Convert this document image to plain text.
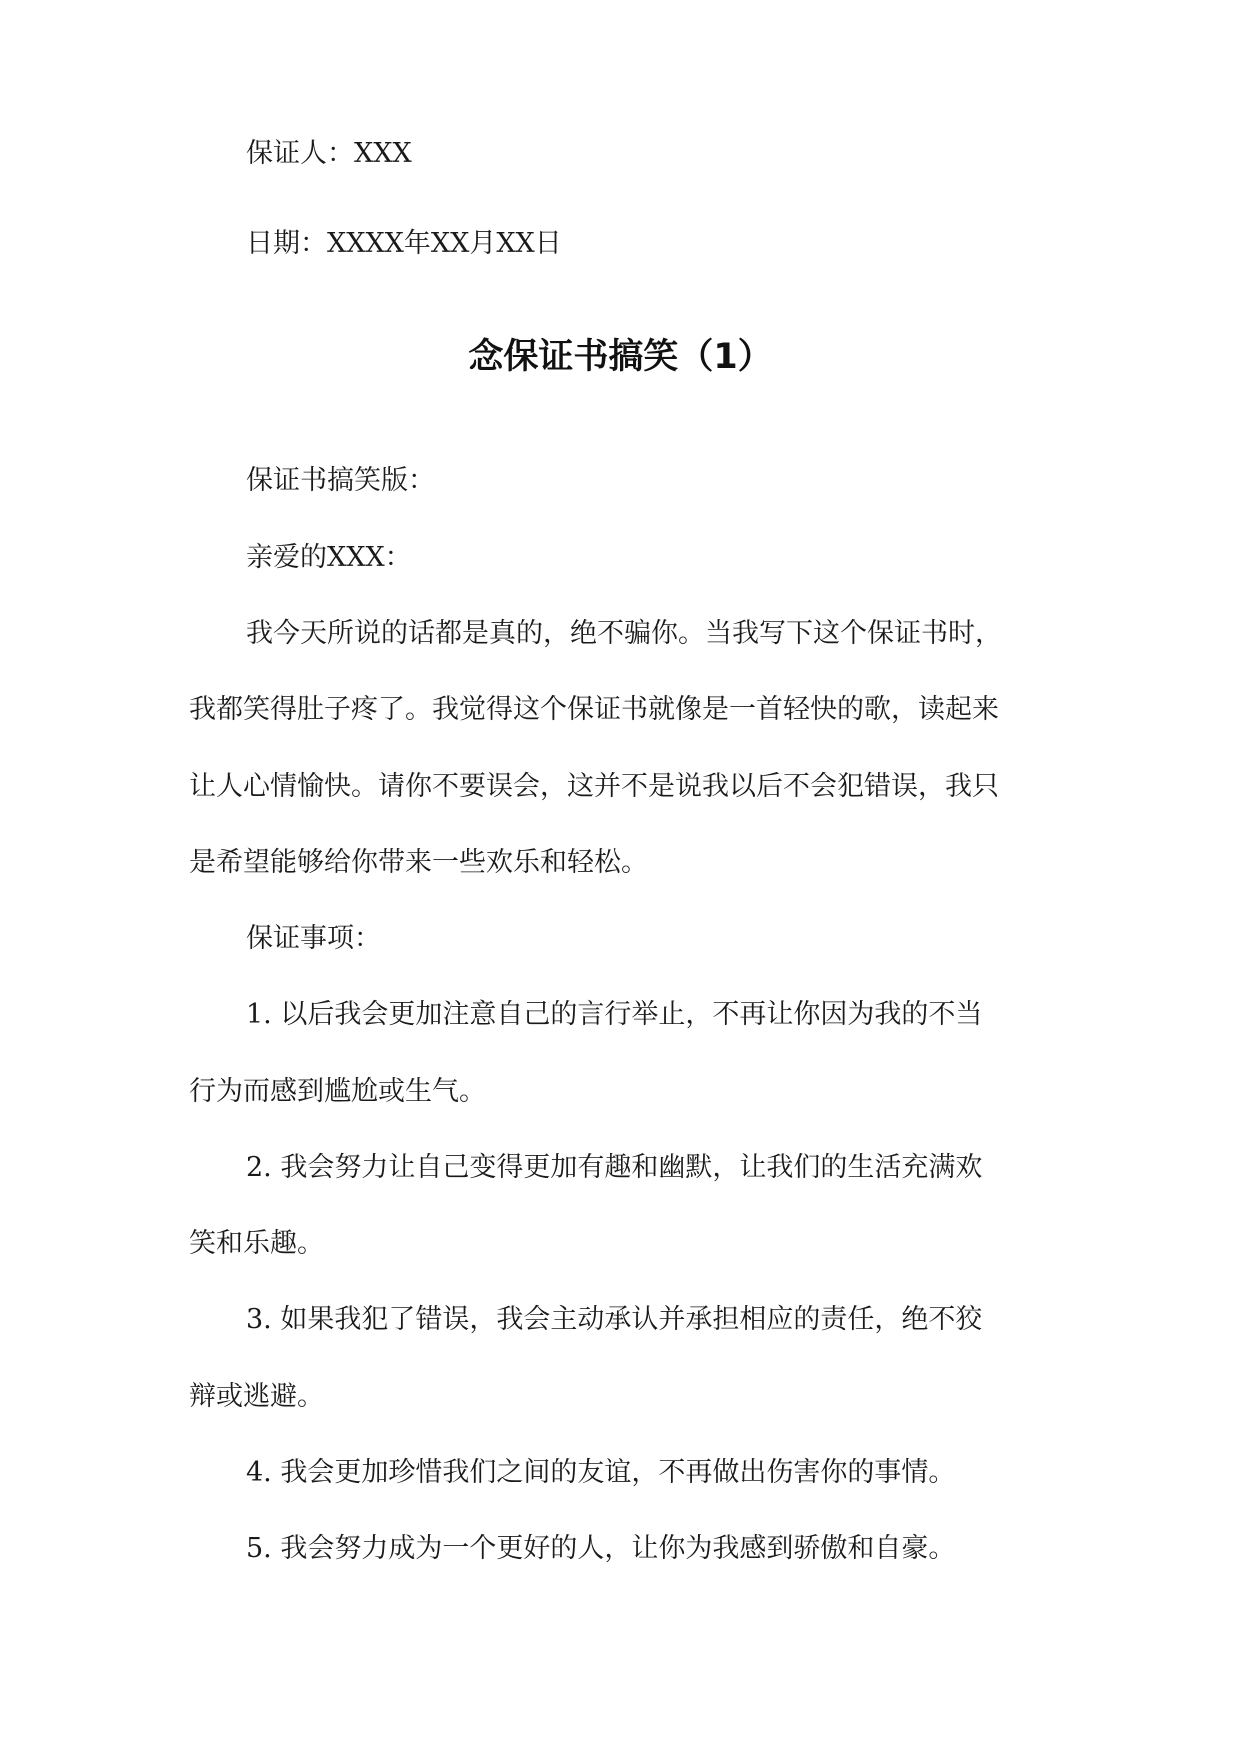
保证人：XXX
日期：XXXX年XX月XX日
念保证书搞笑（1）
保证书搞笑版：
亲爱的XXX：
我今天所说的话都是真的，绝不骗你。当我写下这个保证书时，
我都笑得肚子疼了。我觉得这个保证书就像是一首轻快的歌，读起来
让人心情愉快。请你不要误会，这并不是说我以后不会犯错误，我只
是希望能够给你带来一些欢乐和轻松。
保证事项：
1. 以后我会更加注意自己的言行举止，不再让你因为我的不当
行为而感到尴尬或生气。
2. 我会努力让自己变得更加有趣和幽默，让我们的生活充满欢
笑和乐趣。
3. 如果我犯了错误，我会主动承认并承担相应的责任，绝不狡
辩或逃避。
4. 我会更加珍惜我们之间的友谊，不再做出伤害你的事情。
5. 我会努力成为一个更好的人，让你为我感到骄傲和自豪。
